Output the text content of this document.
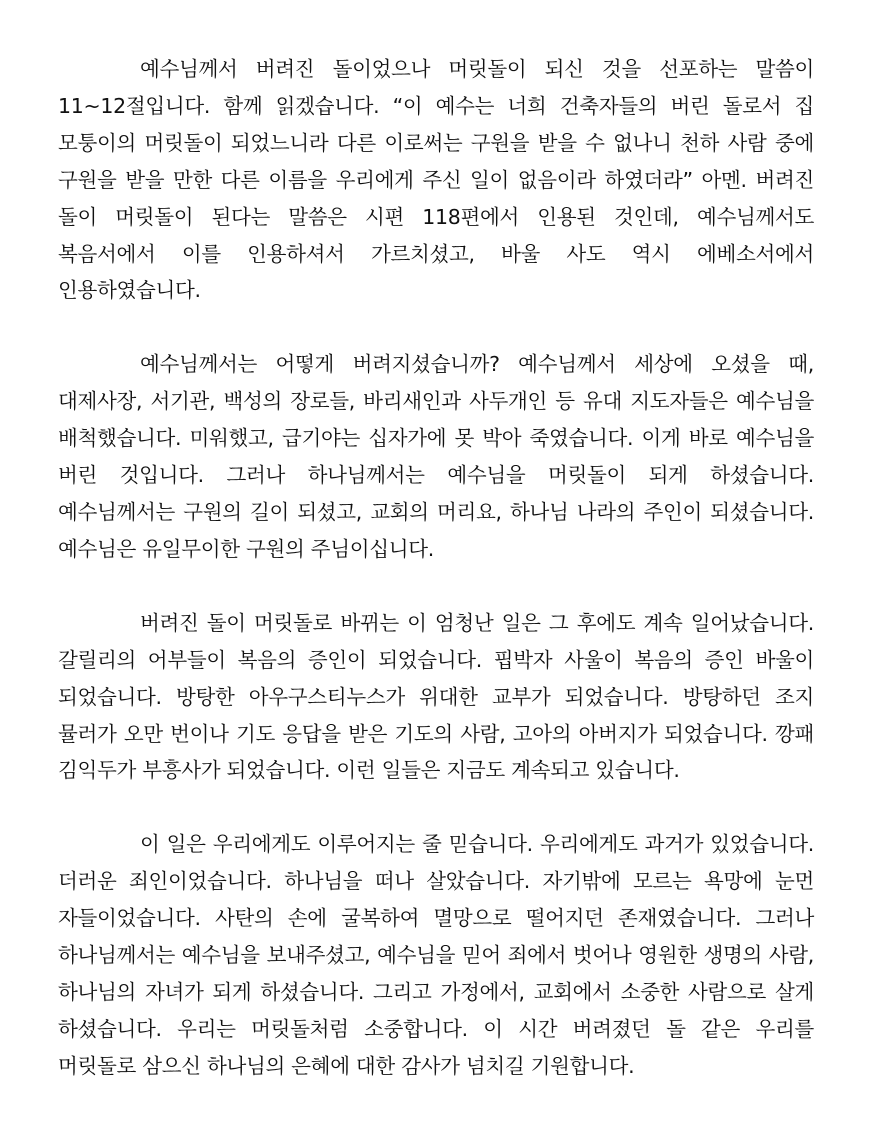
예수님께서 버려진 돌이었으나 머릿돌이 되신 것을 선포하는 말씀이 11~12절입니다. 함께 읽겠습니다. “이 예수는 너희 건축자들의 버린 돌로서 집 모퉁이의 머릿돌이 되었느니라 다른 이로써는 구원을 받을 수 없나니 천하 사람 중에 구원을 받을 만한 다른 이름을 우리에게 주신 일이 없음이라 하였더라” 아멘. 버려진 돌이 머릿돌이 된다는 말씀은 시편 118편에서 인용된 것인데, 예수님께서도 복음서에서 이를 인용하셔서 가르치셨고, 바울 사도 역시 에베소서에서 인용하였습니다.

예수님께서는 어떻게 버려지셨습니까? 예수님께서 세상에 오셨을 때, 대제사장, 서기관, 백성의 장로들, 바리새인과 사두개인 등 유대 지도자들은 예수님을 배척했습니다. 미워했고, 급기야는 십자가에 못 박아 죽였습니다. 이게 바로 예수님을 버린 것입니다. 그러나 하나님께서는 예수님을 머릿돌이 되게 하셨습니다. 예수님께서는 구원의 길이 되셨고, 교회의 머리요, 하나님 나라의 주인이 되셨습니다. 예수님은 유일무이한 구원의 주님이십니다.

버려진 돌이 머릿돌로 바뀌는 이 엄청난 일은 그 후에도 계속 일어났습니다. 갈릴리의 어부들이 복음의 증인이 되었습니다. 핍박자 사울이 복음의 증인 바울이 되었습니다. 방탕한 아우구스티누스가 위대한 교부가 되었습니다. 방탕하던 조지 뮬러가 오만 번이나 기도 응답을 받은 기도의 사람, 고아의 아버지가 되었습니다. 깡패 김익두가 부흥사가 되었습니다. 이런 일들은 지금도 계속되고 있습니다.

이 일은 우리에게도 이루어지는 줄 믿습니다. 우리에게도 과거가 있었습니다. 더러운 죄인이었습니다. 하나님을 떠나 살았습니다. 자기밖에 모르는 욕망에 눈먼 자들이었습니다. 사탄의 손에 굴복하여 멸망으로 떨어지던 존재였습니다. 그러나 하나님께서는 예수님을 보내주셨고, 예수님을 믿어 죄에서 벗어나 영원한 생명의 사람, 하나님의 자녀가 되게 하셨습니다. 그리고 가정에서, 교회에서 소중한 사람으로 살게 하셨습니다. 우리는 머릿돌처럼 소중합니다. 이 시간 버려졌던 돌 같은 우리를 머릿돌로 삼으신 하나님의 은혜에 대한 감사가 넘치길 기원합니다.
